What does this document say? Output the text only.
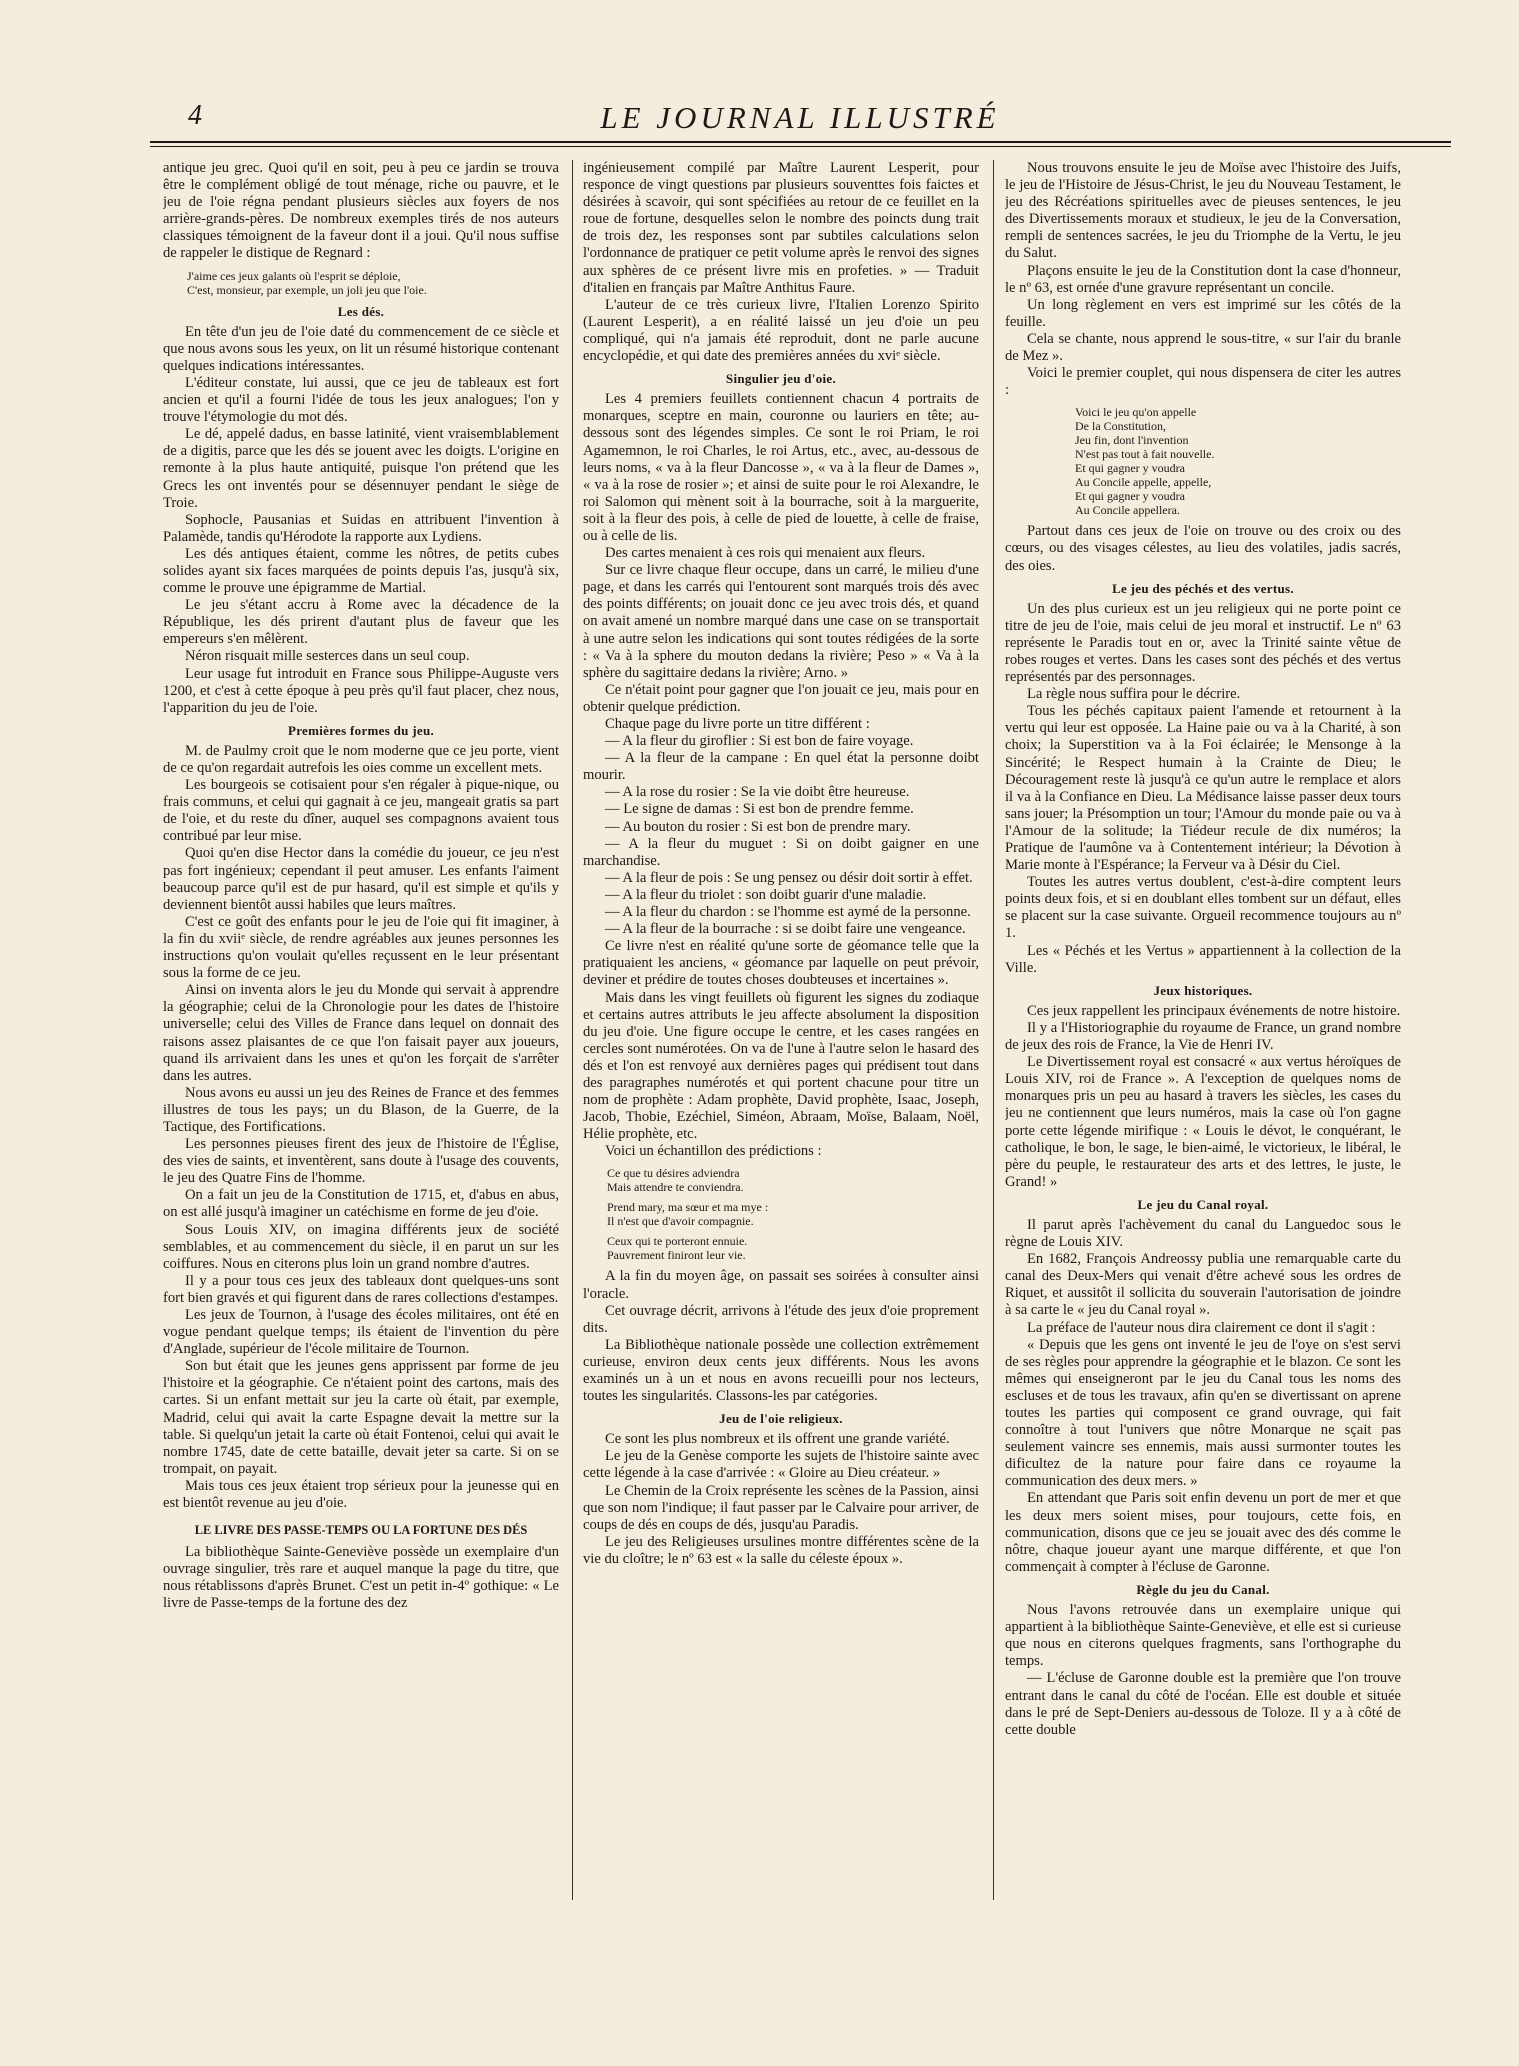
4	LE JOURNAL ILLUSTRÉ

antique jeu grec. Quoi qu'il en soit, peu à peu ce jardin se trouva être le complément obligé de tout ménage, riche ou pauvre, et le jeu de l'oie régna pendant plusieurs siècles aux foyers de nos arrière-grands-pères. De nombreux exemples tirés de nos auteurs classiques témoignent de la faveur dont il a joui. Qu'il nous suffise de rappeler le distique de Regnard :

J'aime ces jeux galants où l'esprit se déploie,
C'est, monsieur, par exemple, un joli jeu que l'oie.
Les dés.

En tête d'un jeu de l'oie daté du commencement de ce siècle et que nous avons sous les yeux, on lit un résumé historique contenant quelques indications intéressantes.

L'éditeur constate, lui aussi, que ce jeu de tableaux est fort ancien et qu'il a fourni l'idée de tous les jeux analogues; l'on y trouve l'étymologie du mot dés.

Le dé, appelé dadus, en basse latinité, vient vraisemblablement de a digitis, parce que les dés se jouent avec les doigts. L'origine en remonte à la plus haute antiquité, puisque l'on prétend que les Grecs les ont inventés pour se désennuyer pendant le siège de Troie.

Sophocle, Pausanias et Suidas en attribuent l'invention à Palamède, tandis qu'Hérodote la rapporte aux Lydiens.

Les dés antiques étaient, comme les nôtres, de petits cubes solides ayant six faces marquées de points depuis l'as, jusqu'à six, comme le prouve une épigramme de Martial.

Le jeu s'étant accru à Rome avec la décadence de la République, les dés prirent d'autant plus de faveur que les empereurs s'en mêlèrent.

Néron risquait mille sesterces dans un seul coup.

Leur usage fut introduit en France sous Philippe-Auguste vers 1200, et c'est à cette époque à peu près qu'il faut placer, chez nous, l'apparition du jeu de l'oie.

Premières formes du jeu.

M. de Paulmy croit que le nom moderne que ce jeu porte, vient de ce qu'on regardait autrefois les oies comme un excellent mets.

Les bourgeois se cotisaient pour s'en régaler à pique-nique, ou frais communs, et celui qui gagnait à ce jeu, mangeait gratis sa part de l'oie, et du reste du dîner, auquel ses compagnons avaient tous contribué par leur mise.

Quoi qu'en dise Hector dans la comédie du joueur, ce jeu n'est pas fort ingénieux; cependant il peut amuser. Les enfants l'aiment beaucoup parce qu'il est de pur hasard, qu'il est simple et qu'ils y deviennent bientôt aussi habiles que leurs maîtres.

C'est ce goût des enfants pour le jeu de l'oie qui fit imaginer, à la fin du xviiᵉ siècle, de rendre agréables aux jeunes personnes les instructions qu'on voulait qu'elles reçussent en le leur présentant sous la forme de ce jeu.

Ainsi on inventa alors le jeu du Monde qui servait à apprendre la géographie; celui de la Chronologie pour les dates de l'histoire universelle; celui des Villes de France dans lequel on donnait des raisons assez plaisantes de ce que l'on faisait payer aux joueurs, quand ils arrivaient dans les unes et qu'on les forçait de s'arrêter dans les autres.

Nous avons eu aussi un jeu des Reines de France et des femmes illustres de tous les pays; un du Blason, de la Guerre, de la Tactique, des Fortifications.

Les personnes pieuses firent des jeux de l'histoire de l'Église, des vies de saints, et inventèrent, sans doute à l'usage des couvents, le jeu des Quatre Fins de l'homme.

On a fait un jeu de la Constitution de 1715, et, d'abus en abus, on est allé jusqu'à imaginer un catéchisme en forme de jeu d'oie.

Sous Louis XIV, on imagina différents jeux de société semblables, et au commencement du siècle, il en parut un sur les coiffures. Nous en citerons plus loin un grand nombre d'autres.

Il y a pour tous ces jeux des tableaux dont quelques-uns sont fort bien gravés et qui figurent dans de rares collections d'estampes.

Les jeux de Tournon, à l'usage des écoles militaires, ont été en vogue pendant quelque temps; ils étaient de l'invention du père d'Anglade, supérieur de l'école militaire de Tournon.

Son but était que les jeunes gens apprissent par forme de jeu l'histoire et la géographie. Ce n'étaient point des cartons, mais des cartes. Si un enfant mettait sur jeu la carte où était, par exemple, Madrid, celui qui avait la carte Espagne devait la mettre sur la table. Si quelqu'un jetait la carte où était Fontenoi, celui qui avait le nombre 1745, date de cette bataille, devait jeter sa carte. Si on se trompait, on payait.

Mais tous ces jeux étaient trop sérieux pour la jeunesse qui en est bientôt revenue au jeu d'oie.

LE LIVRE DES PASSE-TEMPS OU LA FORTUNE DES DÉS

La bibliothèque Sainte-Geneviève possède un exemplaire d'un ouvrage singulier, très rare et auquel manque la page du titre, que nous rétablissons d'après Brunet. C'est un petit in-4º gothique: « Le livre de Passe-temps de la fortune des dez

ingénieusement compilé par Maître Laurent Lesperit, pour responce de vingt questions par plusieurs souventtes fois faictes et désirées à scavoir, qui sont spécifiées au retour de ce feuillet en la roue de fortune, desquelles selon le nombre des poincts dung trait de trois dez, les responses sont par subtiles calculations selon l'ordonnance de pratiquer ce petit volume après le renvoi des signes aux sphères de ce présent livre mis en profeties. » — Traduit d'italien en français par Maître Anthitus Faure.

L'auteur de ce très curieux livre, l'Italien Lorenzo Spirito (Laurent Lesperit), a en réalité laissé un jeu d'oie un peu compliqué, qui n'a jamais été reproduit, dont ne parle aucune encyclopédie, et qui date des premières années du xviᵉ siècle.

Singulier jeu d'oie.

Les 4 premiers feuillets contiennent chacun 4 portraits de monarques, sceptre en main, couronne ou lauriers en tête; au-dessous sont des légendes simples. Ce sont le roi Priam, le roi Agamemnon, le roi Charles, le roi Artus, etc., avec, au-dessous de leurs noms, « va à la fleur Dancosse », « va à la fleur de Dames », « va à la rose de rosier »; et ainsi de suite pour le roi Alexandre, le roi Salomon qui mènent soit à la bourrache, soit à la marguerite, soit à la fleur des pois, à celle de pied de louette, à celle de fraise, ou à celle de lis.

Des cartes menaient à ces rois qui menaient aux fleurs.

Sur ce livre chaque fleur occupe, dans un carré, le milieu d'une page, et dans les carrés qui l'entourent sont marqués trois dés avec des points différents; on jouait donc ce jeu avec trois dés, et quand on avait amené un nombre marqué dans une case on se transportait à une autre selon les indications qui sont toutes rédigées de la sorte : « Va à la sphere du mouton dedans la rivière; Peso » « Va à la sphère du sagittaire dedans la rivière; Arno. »

Ce n'était point pour gagner que l'on jouait ce jeu, mais pour en obtenir quelque prédiction.

Chaque page du livre porte un titre différent :

— A la fleur du giroflier : Si est bon de faire voyage.

— A la fleur de la campane : En quel état la personne doibt mourir.

— A la rose du rosier : Se la vie doibt être heureuse.

— Le signe de damas : Si est bon de prendre femme.

— Au bouton du rosier : Si est bon de prendre mary.

— A la fleur du muguet : Si on doibt gaigner en une marchandise.

— A la fleur de pois : Se ung pensez ou désir doit sortir à effet.

— A la fleur du triolet : son doibt guarir d'une maladie.

— A la fleur du chardon : se l'homme est aymé de la personne.

— A la fleur de la bourrache : si se doibt faire une vengeance.

Ce livre n'est en réalité qu'une sorte de géomance telle que la pratiquaient les anciens, « géomance par laquelle on peut prévoir, deviner et prédire de toutes choses doubteuses et incertaines ».

Mais dans les vingt feuillets où figurent les signes du zodiaque et certains autres attributs le jeu affecte absolument la disposition du jeu d'oie. Une figure occupe le centre, et les cases rangées en cercles sont numérotées. On va de l'une à l'autre selon le hasard des dés et l'on est renvoyé aux dernières pages qui prédisent tout dans des paragraphes numérotés et qui portent chacune pour titre un nom de prophète : Adam prophète, David prophète, Isaac, Joseph, Jacob, Thobie, Ezéchiel, Siméon, Abraam, Moïse, Balaam, Noël, Hélie prophète, etc.

Voici un échantillon des prédictions :

Ce que tu désires adviendra
Mais attendre te conviendra.
Prend mary, ma sœur et ma mye :
Il n'est que d'avoir compagnie.
Ceux qui te porteront ennuie.
Pauvrement finiront leur vie.

A la fin du moyen âge, on passait ses soirées à consulter ainsi l'oracle.

Cet ouvrage décrit, arrivons à l'étude des jeux d'oie proprement dits.

La Bibliothèque nationale possède une collection extrêmement curieuse, environ deux cents jeux différents. Nous les avons examinés un à un et nous en avons recueilli pour nos lecteurs, toutes les singularités. Classons-les par catégories.

Jeu de l'oie religieux.

Ce sont les plus nombreux et ils offrent une grande variété.

Le jeu de la Genèse comporte les sujets de l'histoire sainte avec cette légende à la case d'arrivée : « Gloire au Dieu créateur. »

Le Chemin de la Croix représente les scènes de la Passion, ainsi que son nom l'indique; il faut passer par le Calvaire pour arriver, de coups de dés en coups de dés, jusqu'au Paradis.

Le jeu des Religieuses ursulines montre différentes scène de la vie du cloître; le nº 63 est « la salle du céleste époux ».

Nous trouvons ensuite le jeu de Moïse avec l'histoire des Juifs, le jeu de l'Histoire de Jésus-Christ, le jeu du Nouveau Testament, le jeu des Récréations spirituelles avec de pieuses sentences, le jeu des Divertissements moraux et studieux, le jeu de la Conversation, rempli de sentences sacrées, le jeu du Triomphe de la Vertu, le jeu du Salut.

Plaçons ensuite le jeu de la Constitution dont la case d'honneur, le nº 63, est ornée d'une gravure représentant un concile.

Un long règlement en vers est imprimé sur les côtés de la feuille.

Cela se chante, nous apprend le sous-titre, « sur l'air du branle de Mez ».

Voici le premier couplet, qui nous dispensera de citer les autres :

Voici le jeu qu'on appelle
De la Constitution,
Jeu fin, dont l'invention
N'est pas tout à fait nouvelle.
Et qui gagner y voudra
Au Concile appelle, appelle,
Et qui gagner y voudra
Au Concile appellera.

Partout dans ces jeux de l'oie on trouve ou des croix ou des cœurs, ou des visages célestes, au lieu des volatiles, jadis sacrés, des oies.

Le jeu des péchés et des vertus.

Un des plus curieux est un jeu religieux qui ne porte point ce titre de jeu de l'oie, mais celui de jeu moral et instructif. Le nº 63 représente le Paradis tout en or, avec la Trinité sainte vêtue de robes rouges et vertes. Dans les cases sont des péchés et des vertus représentés par des personnages.

La règle nous suffira pour le décrire.

Tous les péchés capitaux paient l'amende et retournent à la vertu qui leur est opposée. La Haine paie ou va à la Charité, à son choix; la Superstition va à la Foi éclairée; le Mensonge à la Sincérité; le Respect humain à la Crainte de Dieu; le Découragement reste là jusqu'à ce qu'un autre le remplace et alors il va à la Confiance en Dieu. La Médisance laisse passer deux tours sans jouer; la Présomption un tour; l'Amour du monde paie ou va à l'Amour de la solitude; la Tiédeur recule de dix numéros; la Pratique de l'aumône va à Contentement intérieur; la Dévotion à Marie monte à l'Espérance; la Ferveur va à Désir du Ciel.

Toutes les autres vertus doublent, c'est-à-dire comptent leurs points deux fois, et si en doublant elles tombent sur un défaut, elles se placent sur la case suivante. Orgueil recommence toujours au nº 1.

Les « Péchés et les Vertus » appartiennent à la collection de la Ville.

Jeux historiques.

Ces jeux rappellent les principaux événements de notre histoire.

Il y a l'Historiographie du royaume de France, un grand nombre de jeux des rois de France, la Vie de Henri IV.

Le Divertissement royal est consacré « aux vertus héroïques de Louis XIV, roi de France ». A l'exception de quelques noms de monarques pris un peu au hasard à travers les siècles, les cases du jeu ne contiennent que leurs numéros, mais la case où l'on gagne porte cette légende mirifique : « Louis le dévot, le conquérant, le catholique, le bon, le sage, le bien-aimé, le victorieux, le libéral, le père du peuple, le restaurateur des arts et des lettres, le juste, le Grand! »

Le jeu du Canal royal.

Il parut après l'achèvement du canal du Languedoc sous le règne de Louis XIV.

En 1682, François Andreossy publia une remarquable carte du canal des Deux-Mers qui venait d'être achevé sous les ordres de Riquet, et aussitôt il sollicita du souverain l'autorisation de joindre à sa carte le « jeu du Canal royal ».

La préface de l'auteur nous dira clairement ce dont il s'agit :

« Depuis que les gens ont inventé le jeu de l'oye on s'est servi de ses règles pour apprendre la géographie et le blazon. Ce sont les mêmes qui enseigneront par le jeu du Canal tous les noms des escluses et de tous les travaux, afin qu'en se divertissant on aprene toutes les parties qui composent ce grand ouvrage, qui fait connoître à tout l'univers que nôtre Monarque ne sçait pas seulement vaincre ses ennemis, mais aussi surmonter toutes les dificultez de la nature pour faire dans ce royaume la communication des deux mers. »

En attendant que Paris soit enfin devenu un port de mer et que les deux mers soient mises, pour toujours, cette fois, en communication, disons que ce jeu se jouait avec des dés comme le nôtre, chaque joueur ayant une marque différente, et que l'on commençait à compter à l'écluse de Garonne.

Règle du jeu du Canal.

Nous l'avons retrouvée dans un exemplaire unique qui appartient à la bibliothèque Sainte-Geneviève, et elle est si curieuse que nous en citerons quelques fragments, sans l'orthographe du temps.

— L'écluse de Garonne double est la première que l'on trouve entrant dans le canal du côté de l'océan. Elle est double et située dans le pré de Sept-Deniers au-dessous de Toloze. Il y a à côté de cette double
